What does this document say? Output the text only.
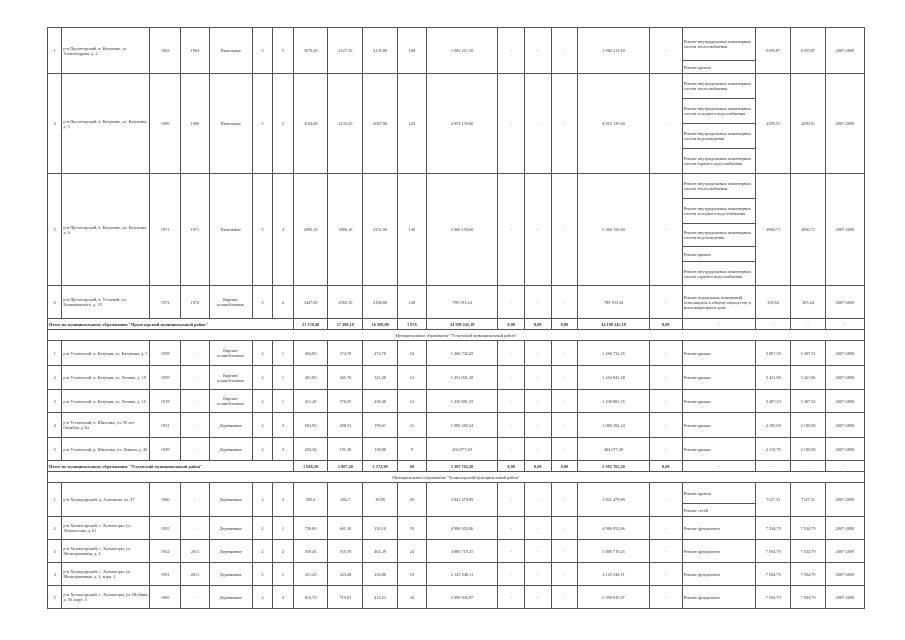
1	р-н Пролетарский, в. Катунино, ул. Александрова, д. 2	1963	1963	Панельные	5	5	3579,20	2127,10	2135,80	108	1 082 211,50	-	-	-	1 082 211,50	-	Ремонт внутридомовых инженерных систем теплоснабжения	6185,87	6185,87	2007-2009
																	Ремонт кровли			
4	р-н Пролетарский, в. Катунино, ул. Катунина, д. 5	1969	1969	Панельные	5	5	3104,60	2143,50	2067,80	124	4 953 139,60	-	-	-	4 953 139,60	-	Ремонт внутридомовых инженерных систем теплоснабжения	2299,51	2299,51	2007-2009
																	Ремонт внутридомовых инженерных систем холодного водоснабжения			
																	Ремонт внутридомовых инженерных систем водоотведения			
																	Ремонт внутридомовых инженерных систем горячего водоснабжения			
5	р-н Пролетарский, в. Катунино, ул. Катунина, д. 6	1971	1971	Панельные	5	4	2695,10	1886,10	2251,00	140	5 360 150,60	-	-	-	5 360 150,60	-	Ремонт внутридомовых инженерных систем теплоснабжения	2960,71	2960,71	2007-2009
																	Ремонт внутридомовых инженерных систем холодного водоснабжения			
																	Ремонт внутридомовых инженерных систем водоотведения			
																	Ремонт крыши			
																	Ремонт внутридомовых инженерных систем горячего водоснабжения			
6	р-н Пролетарский, в. Устьевой, ул. Болшаковского, д. 10	1972	1972	Кирпич/ шлакоблочные	5	4	3447,00	2582,10	2168,00	140	789 193,34	-	-	-	789 193,34	-	Ремонт подвальных помещений, относящихся к общему имуществу в многоквартирном доме	305,64	305,64	2007-2009
Итого по муниципальному образованию "Пролетарский муниципальный район"							21 378,40	17 280,10	16 509,00	1 076	34 198 245,18	0,00	0,00	0,00	34 198 245,18	0,00	-	-	-	-
Муниципальное образование "Устьевской муниципальный район"																				
1	р-н Устьевский, п. Катунин, ул. Катунина, д. 5	1958	-	Кирпич/ шлакоблочные	2	1	404,80	374,70	274,70	16	1 266 732,25	-	-	-	1 266 732,25	-	Ремонт крыши	3 807,39	3 497,51	2007-2009
2	р-н Устьевский, п. Катунин, ул. Ленина, д. 19	1959	-	Кирпич/ шлакоблочные	2	1	461,80	365,76	321,20	12	1 251 841,28	-	-	-	1 254 841,28	-	Ремонт крыши	3 421,96	3 421,96	2007-2009
3	р-н Устьевский, п. Катунин, ул. Ленина, д. 15	1918	-	Кирпич/ шлакоблочные	2	1	411,20	376,55	238,40	12	1 230 881,55	-	-	-	1 230 881,55	-	Ремонт крыши	3 407,33	3 407,33	2007-2009
4	р-н Устьевский, п. Шиловка, ул. 50 лет Октября, д. 6а	1931	-	Деревянные	2	2	563,90	498,53	199,61	21	1 080 282,24	-	-	-	1 080 282,24	-	Ремонт крыши	2 185,09	2 185,09	2007-2009
5	р-н Устьевский, р. Шилонка, ул. Ленина, д. 20	1949	-	Деревянные	2	2	203,30	191,30	138,80	8	404 077,49	-	-	-	404 077,49	-	Ремонт крыши	2 119,78	2 185,09	2007-2009
Итого по муниципальному образованию "Устьевский муниципальный район"							1 846,30	1 807,40	1 172,90	69	5 303 765,20	0,00	0,00	0,00	5 303 765,20	0,00	-	-	-	-
Муниципальное образование "Холмогорский муниципальный район"																				
1	р-н Холмогорский, д. Алешково, ул. 47	1966	-	Деревянные	2	3	583,4	492,7	49,89	29	3 821 479,89	-	-	-	3 821 479,89	-	Ремонт кровли	7147,31	7147,31	2007-2009
																	Ремонт сетей			
2	р-н Холмогорский, с. Холмогоры, ул. Ломоносова, д. 61	1935	-	Деревянные	2	1	756,80	661,30	150,10	19	4 986 952,86	-	-	-	4 986 952,86	-	Ремонт фундамента	7 534,79	7 534,79	2007-2009
3	р-н Холмогорский, с. Холмогоры, ул. Мелиоративная, д. 4	1932	2011	Деревянные	2	2	559,46	515,59	461,29	24	3 880 719,25	-	-	-	3 880 719,25	-	Ремонт фундамента	7 504,79	7 534,79	2007-2009
4	р-н Холмогорский, с. Холмогоры, ул. Мелиоративная, д. 4, корп. 2	1991	2011	Деревянные	2	1	351,20	323,28	236,80	19	2 125 546,11	-	-	-	2 125 546,11	-	Ремонт фундамента	7 504,79	7 504,79	2007-2009
5	р-н Холмогорский, с. Холмогоры, ул. Шубина, д. 36, корп. 3	1985	-	Деревянные	2	3	816,70	715,81	414,21	34	5 390 945,97	-	-	-	5 390 945,97	-	Ремонт фундамента	7 504,79	7 504,79	2007-2009
